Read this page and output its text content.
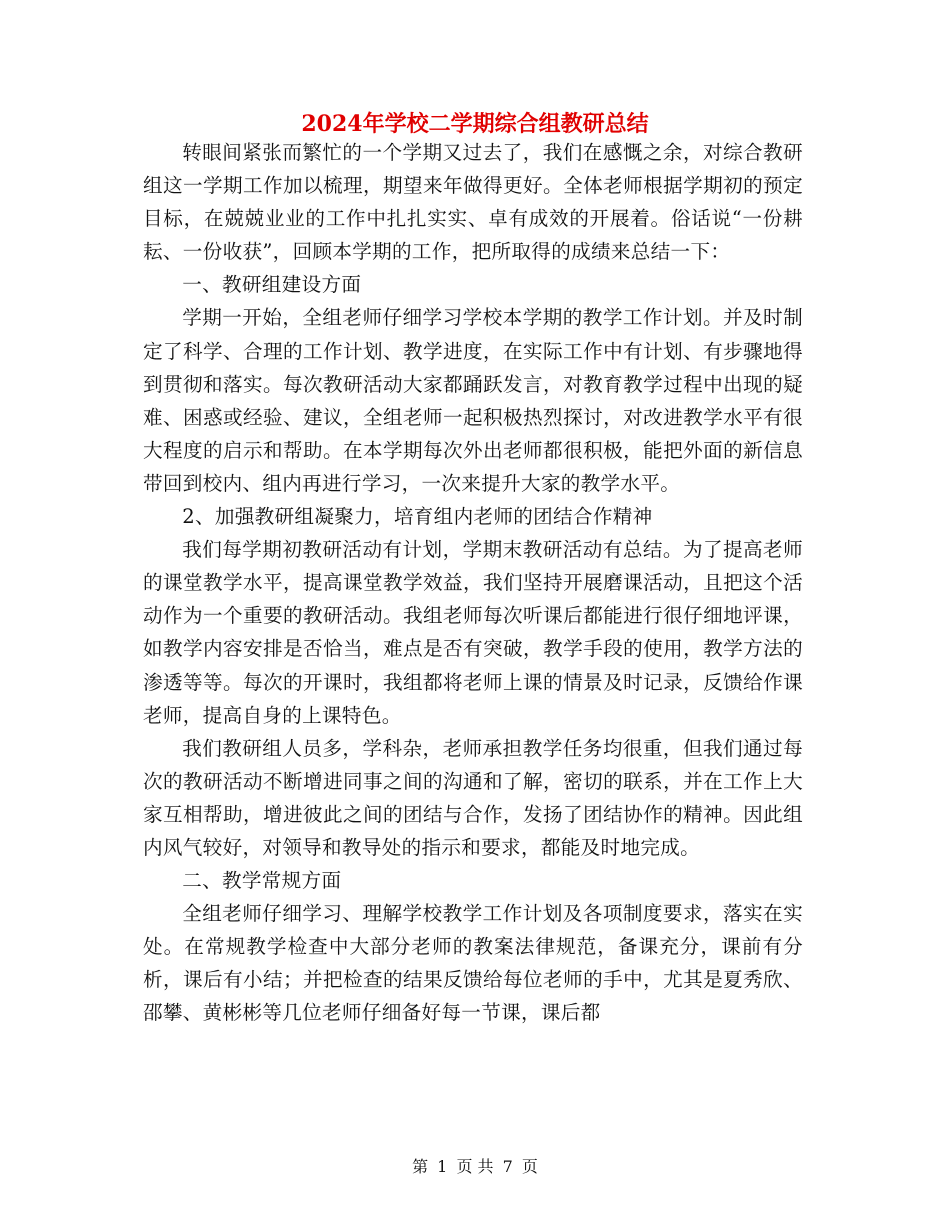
2024年学校二学期综合组教研总结

转眼间紧张而繁忙的一个学期又过去了，我们在感慨之余，对综合教研组这一学期工作加以梳理，期望来年做得更好。全体老师根据学期初的预定目标，在兢兢业业的工作中扎扎实实、卓有成效的开展着。俗话说“一份耕耘、一份收获”，回顾本学期的工作，把所取得的成绩来总结一下：

一、教研组建设方面

学期一开始，全组老师仔细学习学校本学期的教学工作计划。并及时制定了科学、合理的工作计划、教学进度，在实际工作中有计划、有步骤地得到贯彻和落实。每次教研活动大家都踊跃发言，对教育教学过程中出现的疑难、困惑或经验、建议，全组老师一起积极热烈探讨，对改进教学水平有很大程度的启示和帮助。在本学期每次外出老师都很积极，能把外面的新信息带回到校内、组内再进行学习，一次来提升大家的教学水平。

2、加强教研组凝聚力，培育组内老师的团结合作精神

我们每学期初教研活动有计划，学期末教研活动有总结。为了提高老师的课堂教学水平，提高课堂教学效益，我们坚持开展磨课活动，且把这个活动作为一个重要的教研活动。我组老师每次听课后都能进行很仔细地评课，如教学内容安排是否恰当，难点是否有突破，教学手段的使用，教学方法的渗透等等。每次的开课时，我组都将老师上课的情景及时记录，反馈给作课老师，提高自身的上课特色。

我们教研组人员多，学科杂，老师承担教学任务均很重，但我们通过每次的教研活动不断增进同事之间的沟通和了解，密切的联系，并在工作上大家互相帮助，增进彼此之间的团结与合作，发扬了团结协作的精神。因此组内风气较好，对领导和教导处的指示和要求，都能及时地完成。

二、教学常规方面

全组老师仔细学习、理解学校教学工作计划及各项制度要求，落实在实处。在常规教学检查中大部分老师的教案法律规范，备课充分，课前有分析，课后有小结；并把检查的结果反馈给每位老师的手中，尤其是夏秀欣、邵攀、黄彬彬等几位老师仔细备好每一节课，课后都

第 1 页 共 7 页
